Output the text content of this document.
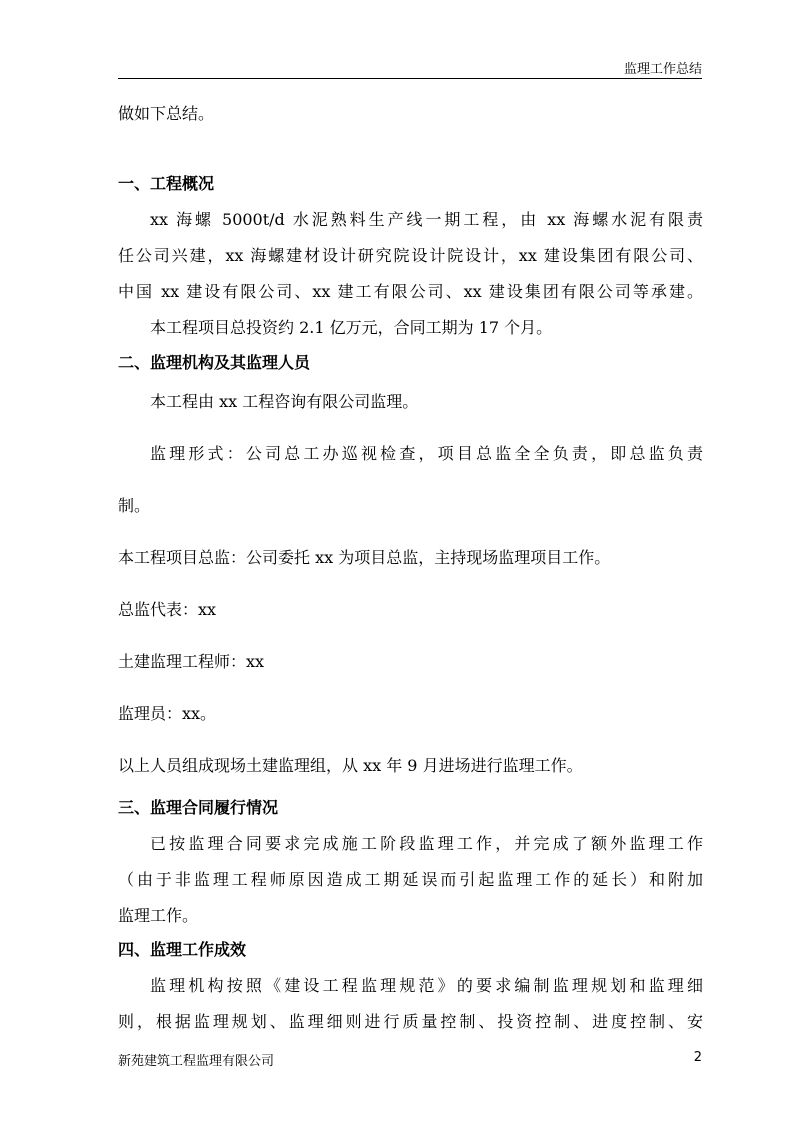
监理工作总结
做如下总结。
一、工程概况
xx 海螺 5000t/d 水泥熟料生产线一期工程，由 xx 海螺水泥有限责
任公司兴建，xx 海螺建材设计研究院设计院设计，xx 建设集团有限公司、
中国 xx 建设有限公司、xx 建工有限公司、xx 建设集团有限公司等承建。
本工程项目总投资约 2.1 亿万元，合同工期为 17 个月。
二、监理机构及其监理人员
本工程由 xx 工程咨询有限公司监理。
监理形式：公司总工办巡视检查，项目总监全全负责，即总监负责
制。
本工程项目总监：公司委托 xx 为项目总监，主持现场监理项目工作。
总监代表：xx
土建监理工程师：xx
监理员：xx。
以上人员组成现场土建监理组，从 xx 年 9 月进场进行监理工作。
三、监理合同履行情况
已按监理合同要求完成施工阶段监理工作，并完成了额外监理工作
（由于非监理工程师原因造成工期延误而引起监理工作的延长）和附加
监理工作。
四、监理工作成效
监理机构按照《建设工程监理规范》的要求编制监理规划和监理细
则，根据监理规划、监理细则进行质量控制、投资控制、进度控制、安
新苑建筑工程监理有限公司	2
